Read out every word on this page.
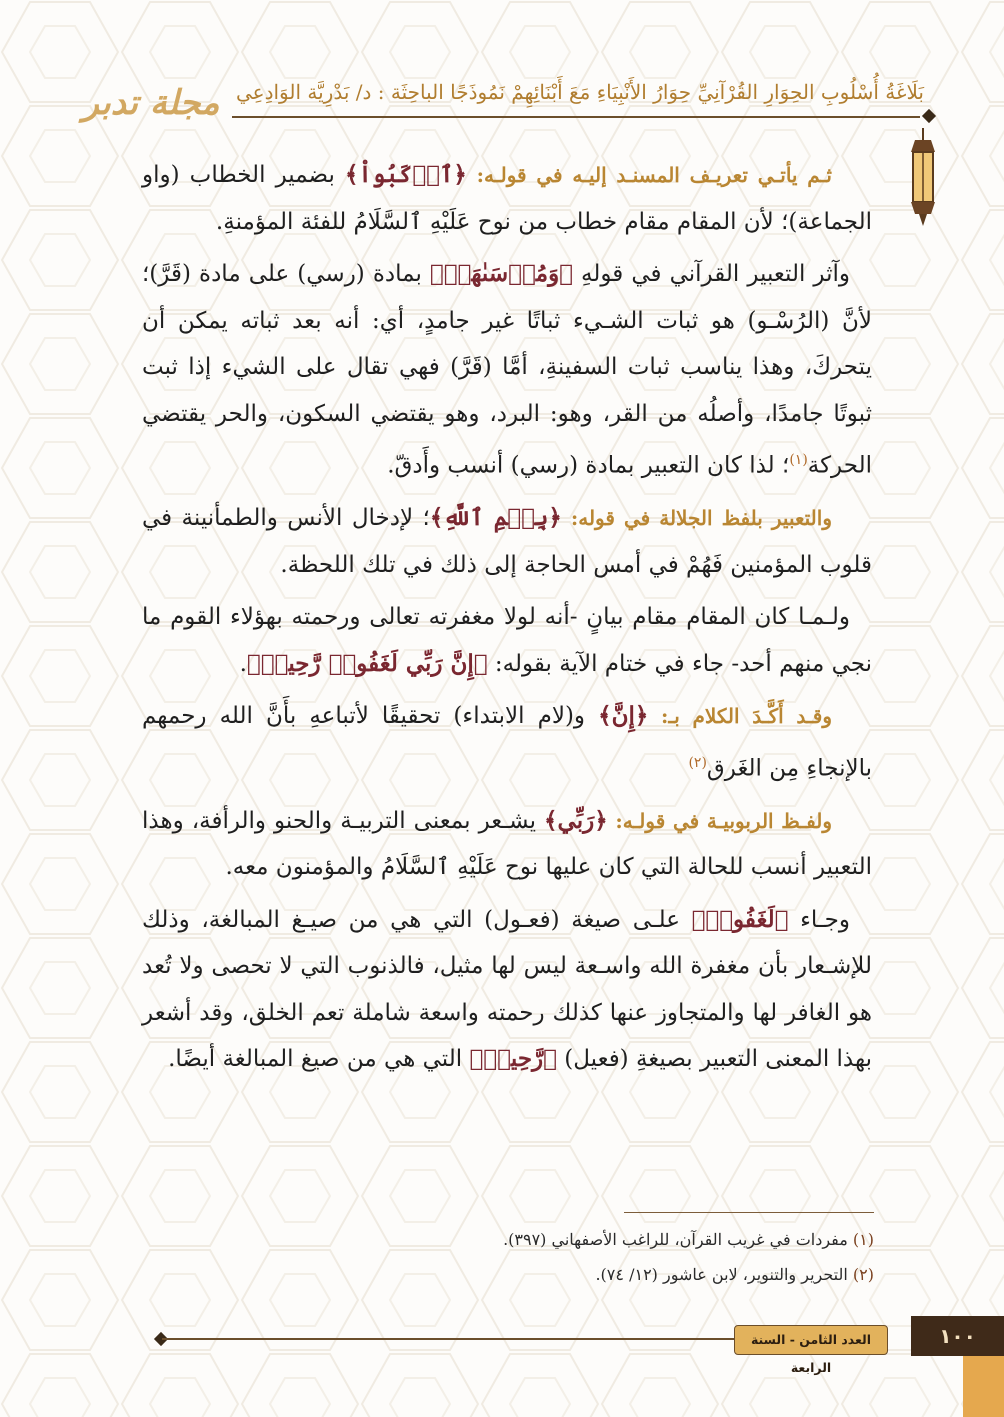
مجلة تدبر بَلَاغَةُ أُسْلُوبِ الحِوَارِ القُرْآنِيِّ حِوَارُ الأَنْبِيَاءِ مَعَ أَبْنَائِهِمْ نَمُوذَجًا الباحِثَة : د/ بَدْرِيَّة الوَادِعِي

ثـم يأتـي تعريـف المسنـد إليـه في قولـه: ﴿ٱرۡكَبُواْ﴾ بضمير الخطاب (واو الجماعة)؛ لأن المقام مقام خطاب من نوح عَلَيْهِ ٱلسَّلَامُ للفئة المؤمنةِ.

وآثر التعبير القرآني في قولهِ ﴿وَمُرۡسَىٰهَآۚ﴾ بمادة (رسي) على مادة (قَرَّ)؛ لأنَّ (الرُسْـو) هو ثبات الشـيء ثباتًا غير جامدٍ، أي: أنه بعد ثباته يمكن أن يتحركَ، وهذا يناسب ثبات السفينةِ، أمَّا (قَرَّ) فهي تقال على الشيء إذا ثبت ثبوتًا جامدًا، وأصلُه من القر، وهو: البرد، وهو يقتضي السكون، والحر يقتضي الحركة$^{(١)}$؛ لذا كان التعبير بمادة (رسي) أنسب وأَدقّ.

والتعبير بلفظ الجلالة في قوله: ﴿بِسۡمِ ٱللَّهِ﴾؛ لإدخال الأنس والطمأنينة في قلوب المؤمنين فَهُمْ في أمس الحاجة إلى ذلك في تلك اللحظة.

ولـمـا كان المقام مقام بيانٍ -أنه لولا مغفرته تعالى ورحمته بهؤلاء القوم ما نجي منهم أحد- جاء في ختام الآية بقوله: ﴿إِنَّ رَبِّي لَغَفُورٞ رَّحِيمٞ﴾.

وقـد أَكَّـدَ الكلام بـ: ﴿إِنَّ﴾ و(لام الابتداء) تحقيقًا لأتباعهِ بأَنَّ الله رحمهم بالإنجاءِ مِن الغَرق$^{(٢)}$

ولفـظ الربوبيـة في قولـه: ﴿رَبِّي﴾ يشـعر بمعنى التربيـة والحنو والرأفة، وهذا التعبير أنسب للحالة التي كان عليها نوح عَلَيْهِ ٱلسَّلَامُ والمؤمنون معه.

وجـاء ﴿لَغَفُورٞ﴾ علـى صيغة (فعـول) التي هي من صيـغ المبالغة، وذلك للإشـعار بأن مغفرة الله واسـعة ليس لها مثيل، فالذنوب التي لا تحصى ولا تُعد هو الغافر لها والمتجاوز عنها كذلك رحمته واسعة شاملة تعم الخلق، وقد أشعر بهذا المعنى التعبير بصيغةِ (فعيل) ﴿رَّحِيمٞ﴾ التي هي من صيغ المبالغة أيضًا.

(١) مفردات في غريب القرآن، للراغب الأصفهاني (٣٩٧).
(٢) التحرير والتنوير، لابن عاشور (١٢/ ٧٤).
العدد الثامن - السنة الرابعة
١٠٠
